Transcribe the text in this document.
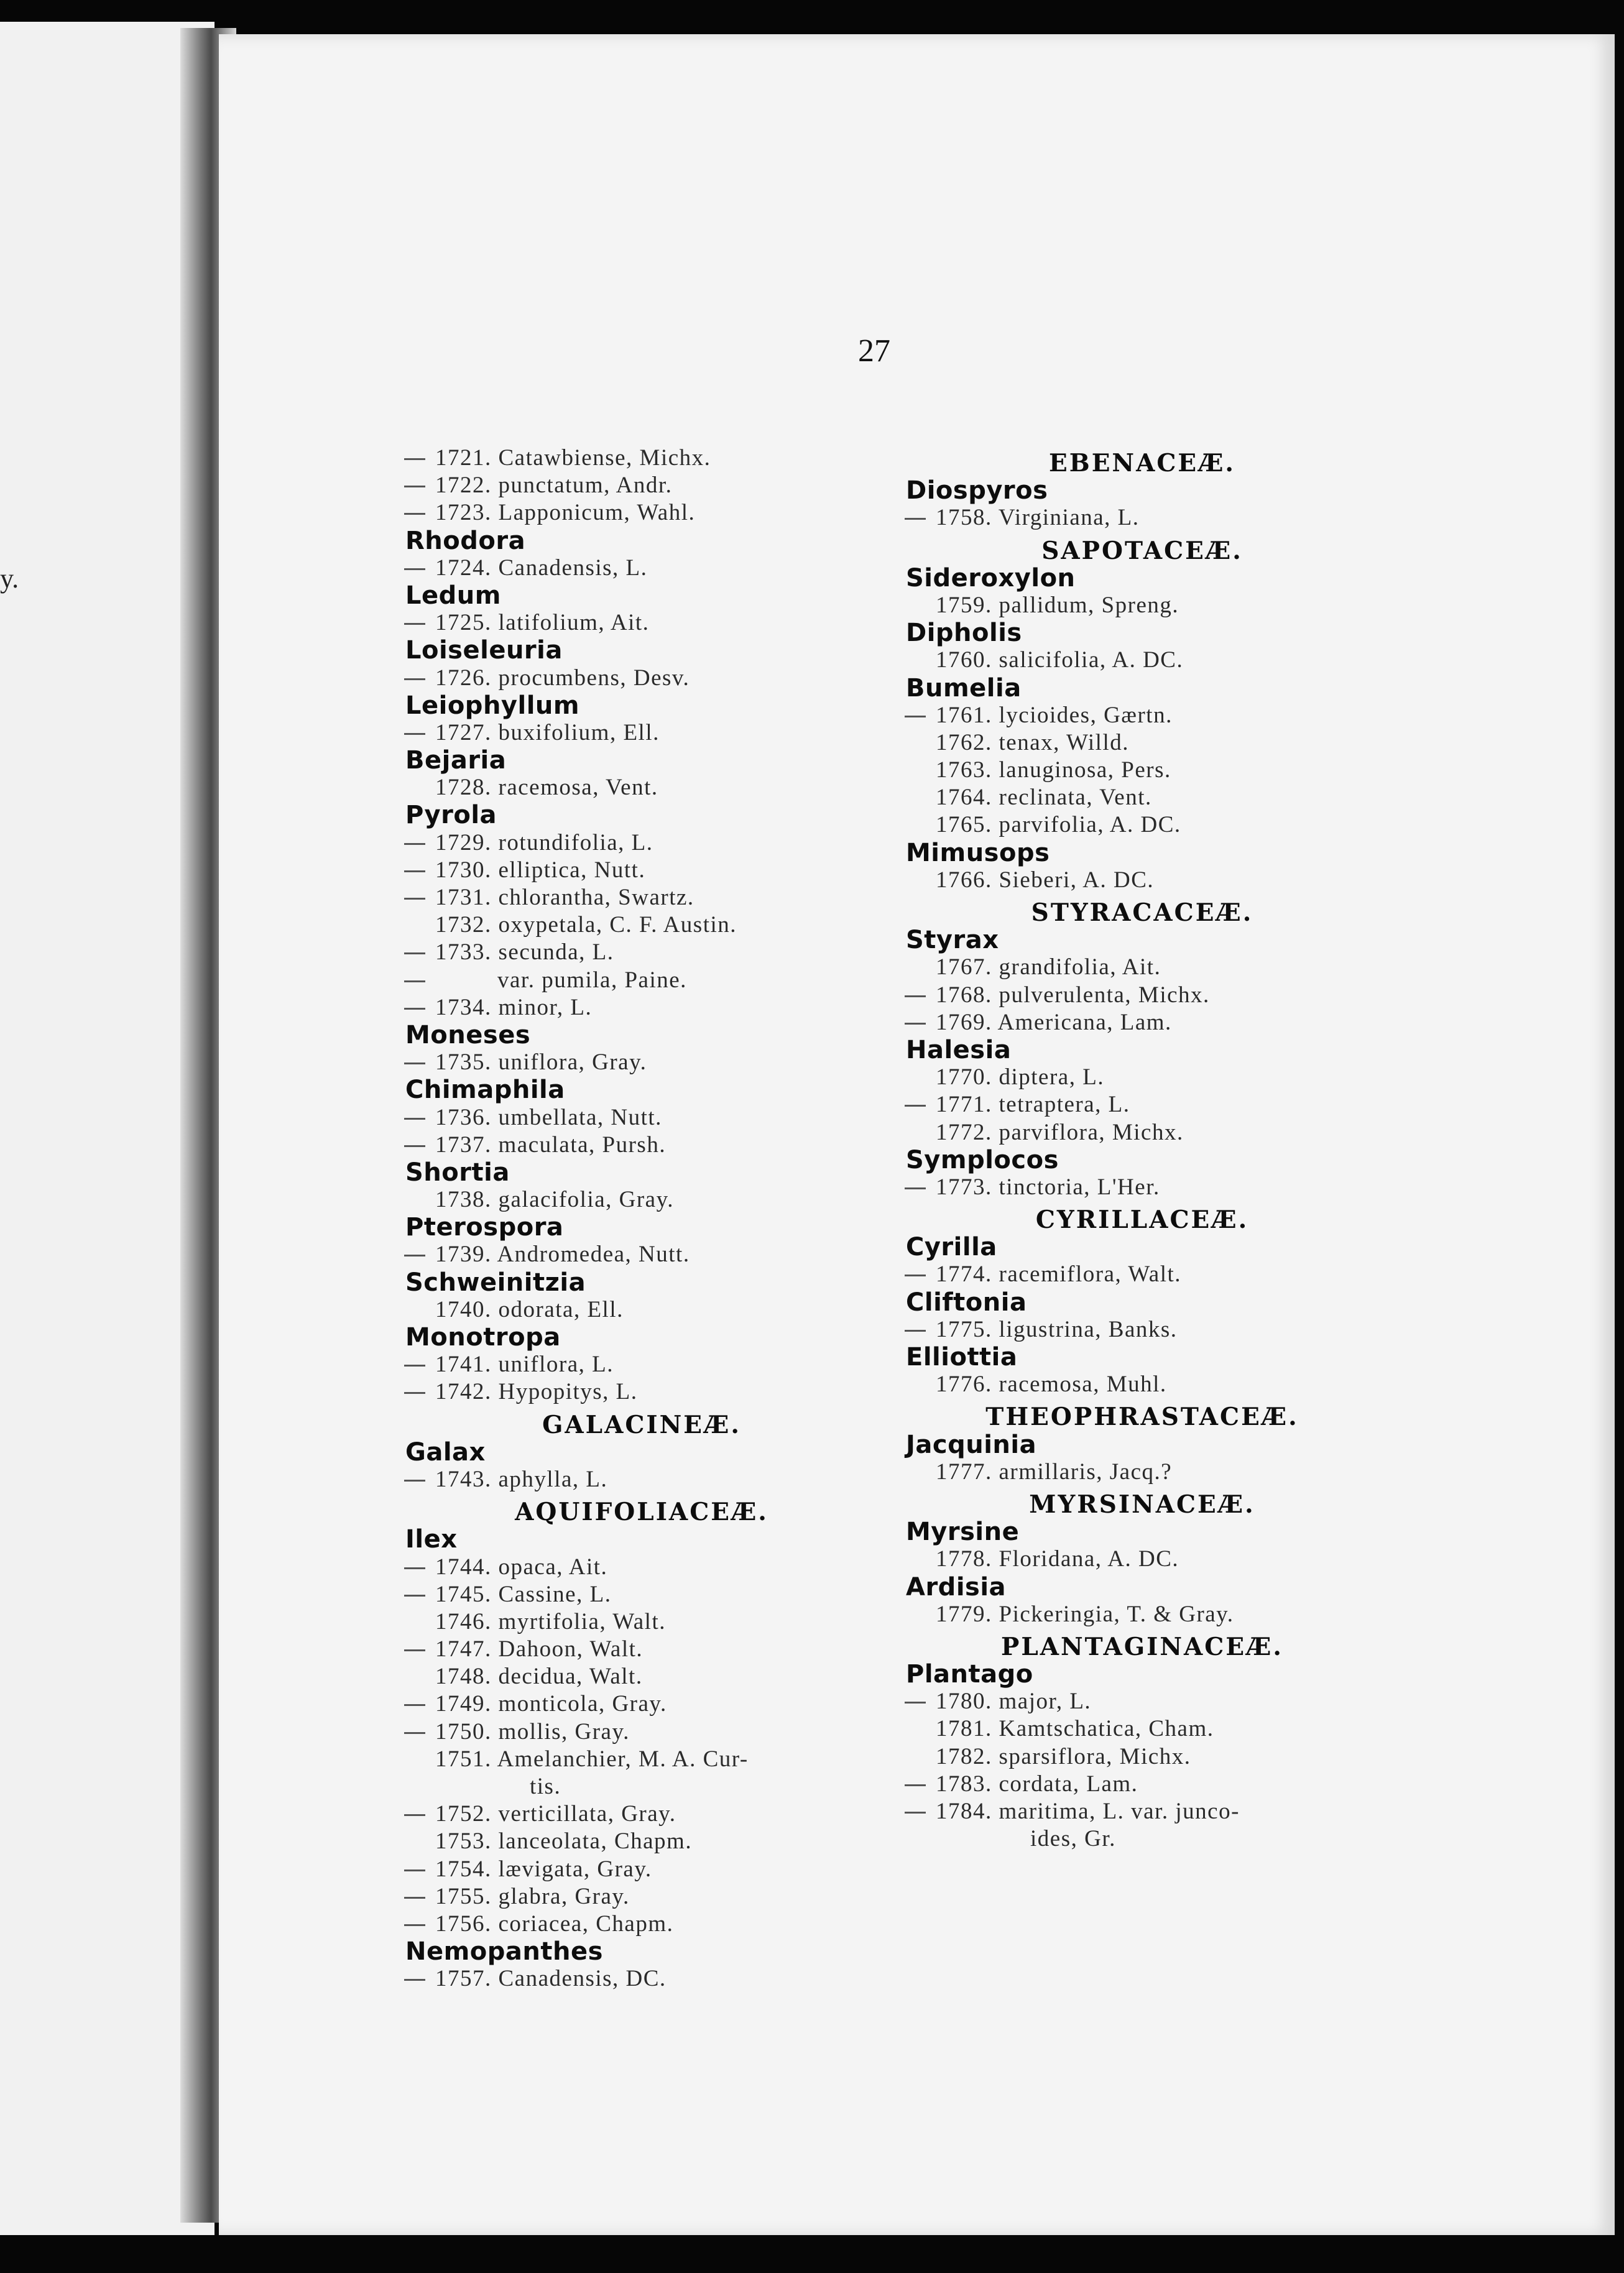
y.
27
1721. Catawbiense, Michx.
1722. punctatum, Andr.
1723. Lapponicum, Wahl.
Rhodora
1724. Canadensis, L.
Ledum
1725. latifolium, Ait.
Loiseleuria
1726. procumbens, Desv.
Leiophyllum
1727. buxifolium, Ell.
Bejaria
1728. racemosa, Vent.
Pyrola
1729. rotundifolia, L.
1730. elliptica, Nutt.
1731. chlorantha, Swartz.
1732. oxypetala, C. F. Austin.
1733. secunda, L.
var. pumila, Paine.
1734. minor, L.
Moneses
1735. uniflora, Gray.
Chimaphila
1736. umbellata, Nutt.
1737. maculata, Pursh.
Shortia
1738. galacifolia, Gray.
Pterospora
1739. Andromedea, Nutt.
Schweinitzia
1740. odorata, Ell.
Monotropa
1741. uniflora, L.
1742. Hypopitys, L.
GALACINEÆ.
Galax
1743. aphylla, L.
AQUIFOLIACEÆ.
Ilex
1744. opaca, Ait.
1745. Cassine, L.
1746. myrtifolia, Walt.
1747. Dahoon, Walt.
1748. decidua, Walt.
1749. monticola, Gray.
1750. mollis, Gray.
1751. Amelanchier, M. A. Cur-
tis.
1752. verticillata, Gray.
1753. lanceolata, Chapm.
1754. lævigata, Gray.
1755. glabra, Gray.
1756. coriacea, Chapm.
Nemopanthes
1757. Canadensis, DC.
EBENACEÆ.
Diospyros
1758. Virginiana, L.
SAPOTACEÆ.
Sideroxylon
1759. pallidum, Spreng.
Dipholis
1760. salicifolia, A. DC.
Bumelia
1761. lycioides, Gærtn.
1762. tenax, Willd.
1763. lanuginosa, Pers.
1764. reclinata, Vent.
1765. parvifolia, A. DC.
Mimusops
1766. Sieberi, A. DC.
STYRACACEÆ.
Styrax
1767. grandifolia, Ait.
1768. pulverulenta, Michx.
1769. Americana, Lam.
Halesia
1770. diptera, L.
1771. tetraptera, L.
1772. parviflora, Michx.
Symplocos
1773. tinctoria, L'Her.
CYRILLACEÆ.
Cyrilla
1774. racemiflora, Walt.
Cliftonia
1775. ligustrina, Banks.
Elliottia
1776. racemosa, Muhl.
THEOPHRASTACEÆ.
Jacquinia
1777. armillaris, Jacq.?
MYRSINACEÆ.
Myrsine
1778. Floridana, A. DC.
Ardisia
1779. Pickeringia, T. & Gray.
PLANTAGINACEÆ.
Plantago
1780. major, L.
1781. Kamtschatica, Cham.
1782. sparsiflora, Michx.
1783. cordata, Lam.
1784. maritima, L. var. junco-
ides, Gr.
